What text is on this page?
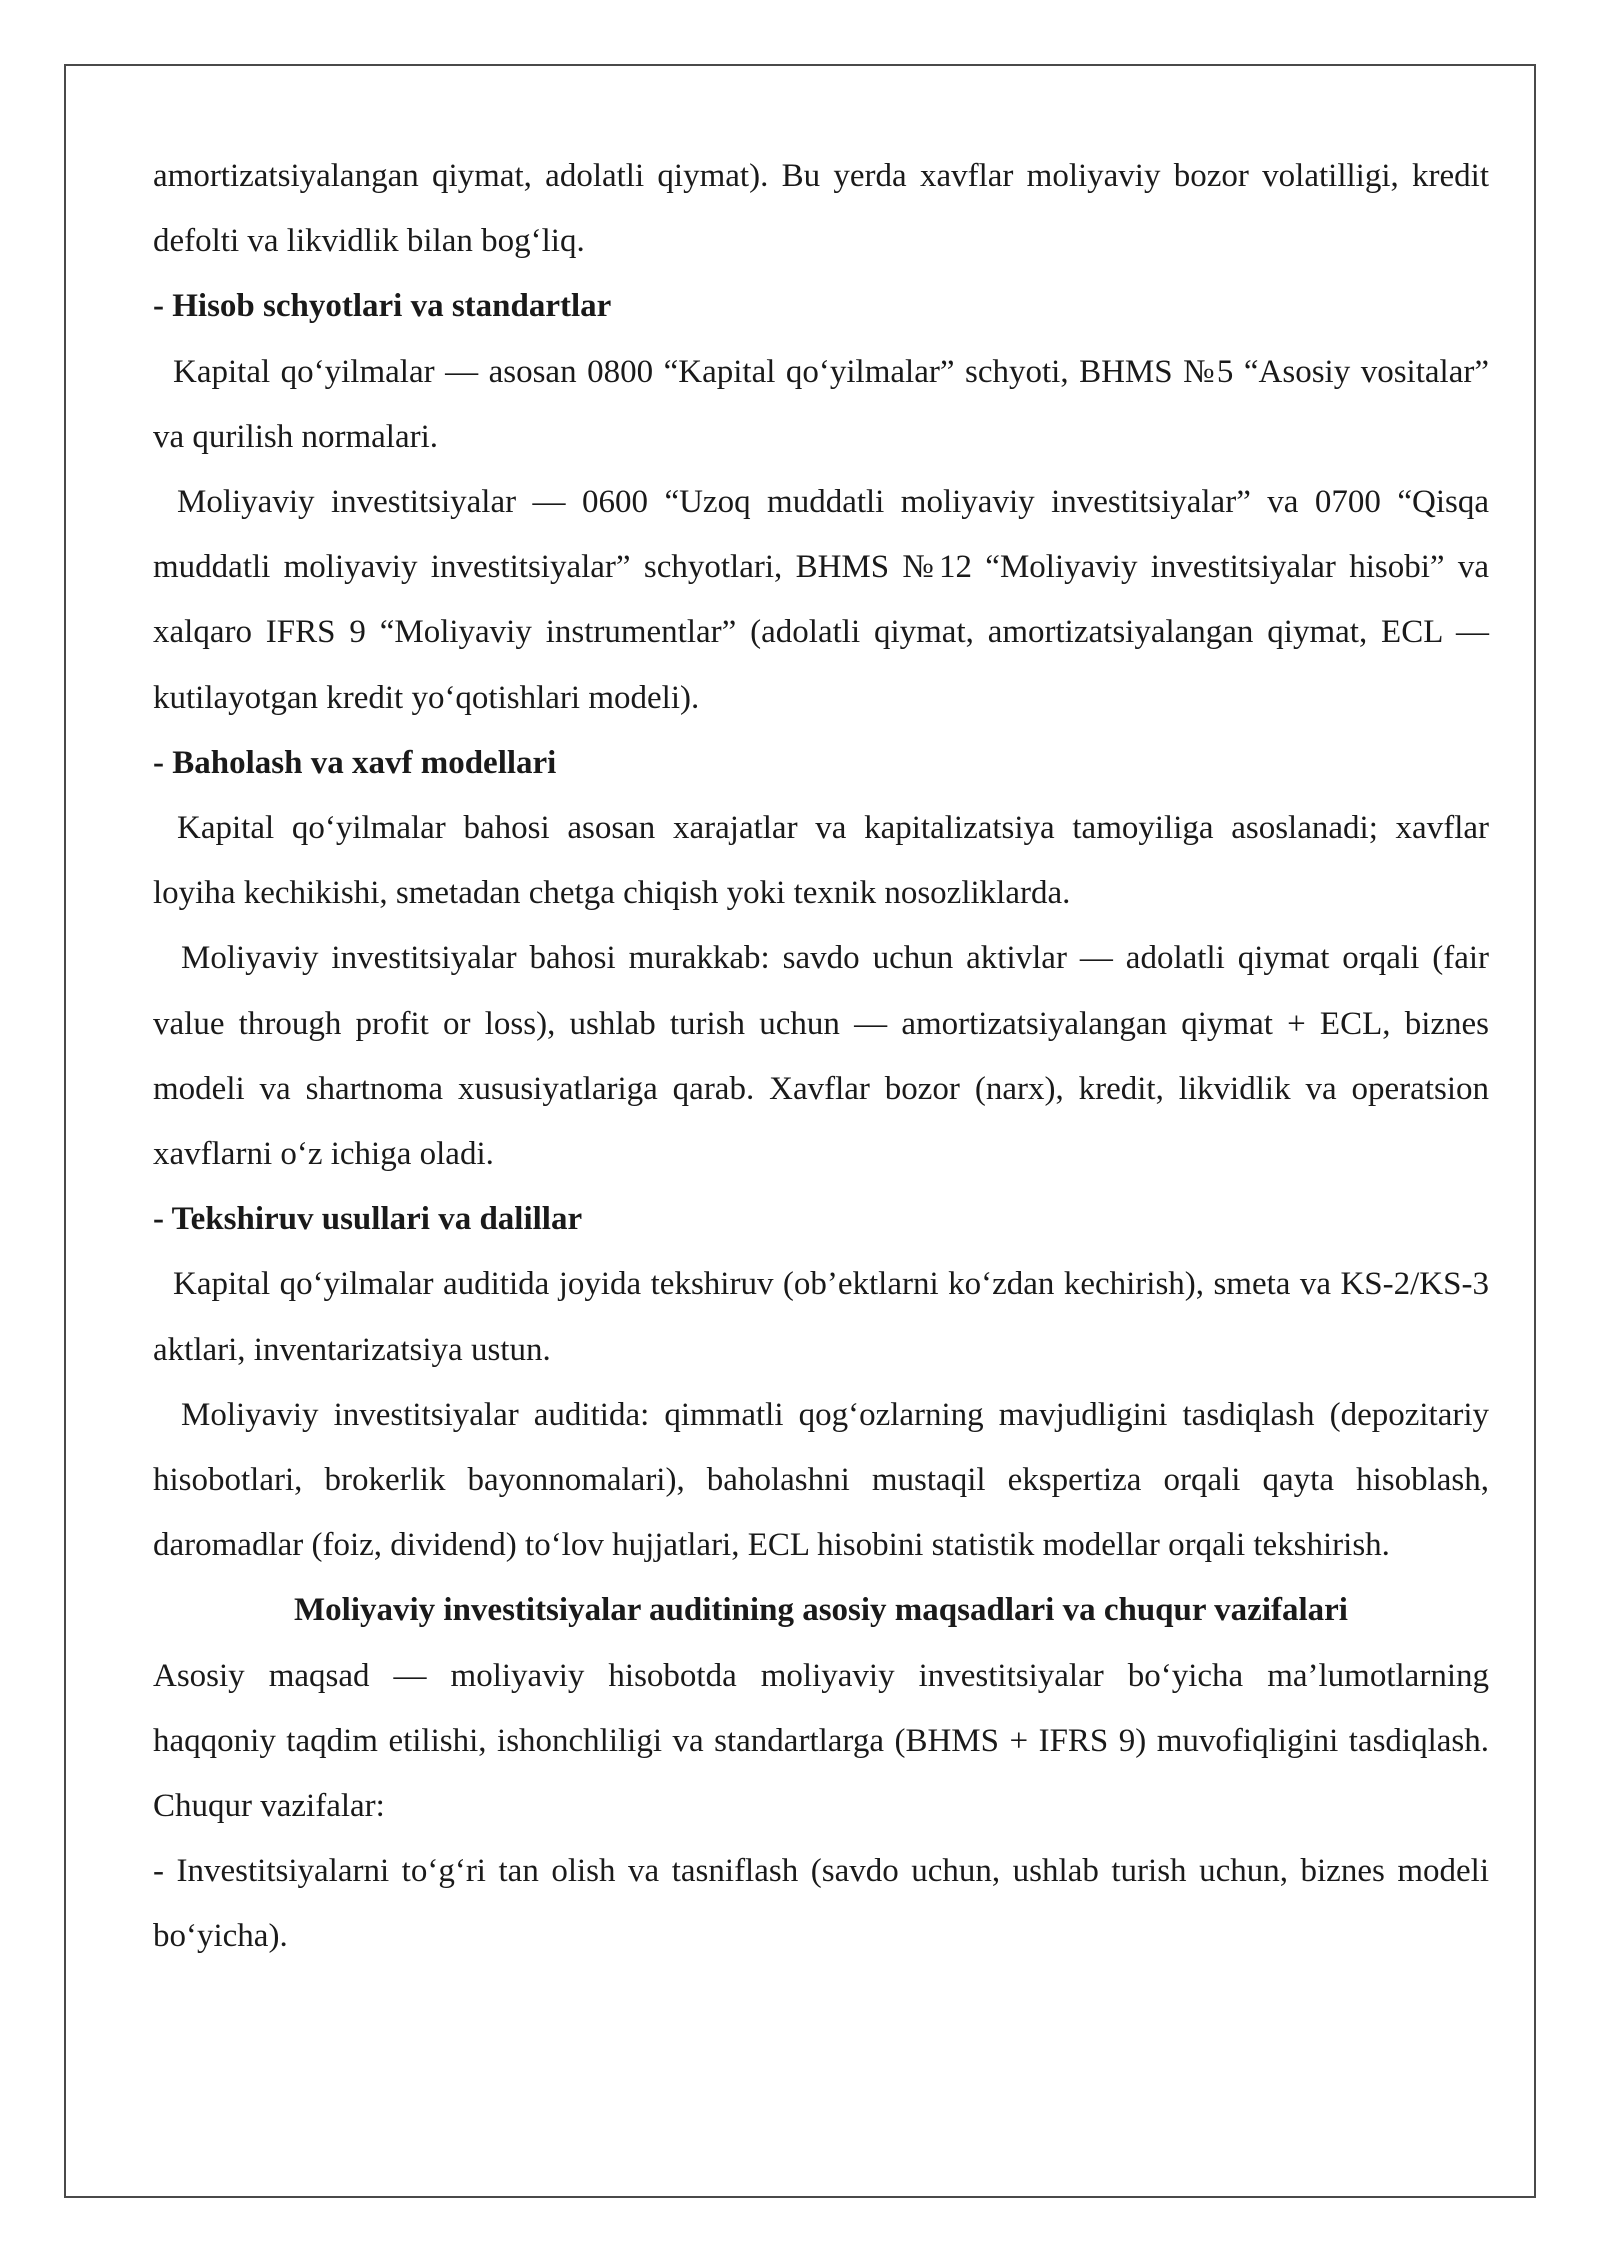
amortizatsiyalangan qiymat, adolatli qiymat). Bu yerda xavflar moliyaviy bozor volatilligi, kredit defolti va likvidlik bilan bog‘liq.

- Hisob schyotlari va standartlar

Kapital qo‘yilmalar — asosan 0800 “Kapital qo‘yilmalar” schyoti, BHMS №5 “Asosiy vositalar” va qurilish normalari.

Moliyaviy investitsiyalar — 0600 “Uzoq muddatli moliyaviy investitsiyalar” va 0700 “Qisqa muddatli moliyaviy investitsiyalar” schyotlari, BHMS №12 “Moliyaviy investitsiyalar hisobi” va xalqaro IFRS 9 “Moliyaviy instrumentlar” (adolatli qiymat, amortizatsiyalangan qiymat, ECL — kutilayotgan kredit yo‘qotishlari modeli).

- Baholash va xavf modellari

Kapital qo‘yilmalar bahosi asosan xarajatlar va kapitalizatsiya tamoyiliga asoslanadi; xavflar loyiha kechikishi, smetadan chetga chiqish yoki texnik nosozliklarda.

Moliyaviy investitsiyalar bahosi murakkab: savdo uchun aktivlar — adolatli qiymat orqali (fair value through profit or loss), ushlab turish uchun — amortizatsiyalangan qiymat + ECL, biznes modeli va shartnoma xususiyatlariga qarab. Xavflar bozor (narx), kredit, likvidlik va operatsion xavflarni o‘z ichiga oladi.

- Tekshiruv usullari va dalillar

Kapital qo‘yilmalar auditida joyida tekshiruv (ob’ektlarni ko‘zdan kechirish), smeta va KS-2/KS-3 aktlari, inventarizatsiya ustun.

Moliyaviy investitsiyalar auditida: qimmatli qog‘ozlarning mavjudligini tasdiqlash (depozitariy hisobotlari, brokerlik bayonnomalari), baholashni mustaqil ekspertiza orqali qayta hisoblash, daromadlar (foiz, dividend) to‘lov hujjatlari, ECL hisobini statistik modellar orqali tekshirish.

Moliyaviy investitsiyalar auditining asosiy maqsadlari va chuqur vazifalari

Asosiy maqsad — moliyaviy hisobotda moliyaviy investitsiyalar bo‘yicha ma’lumotlarning haqqoniy taqdim etilishi, ishonchliligi va standartlarga (BHMS + IFRS 9) muvofiqligini tasdiqlash. Chuqur vazifalar:

- Investitsiyalarni to‘g‘ri tan olish va tasniflash (savdo uchun, ushlab turish uchun, biznes modeli bo‘yicha).
